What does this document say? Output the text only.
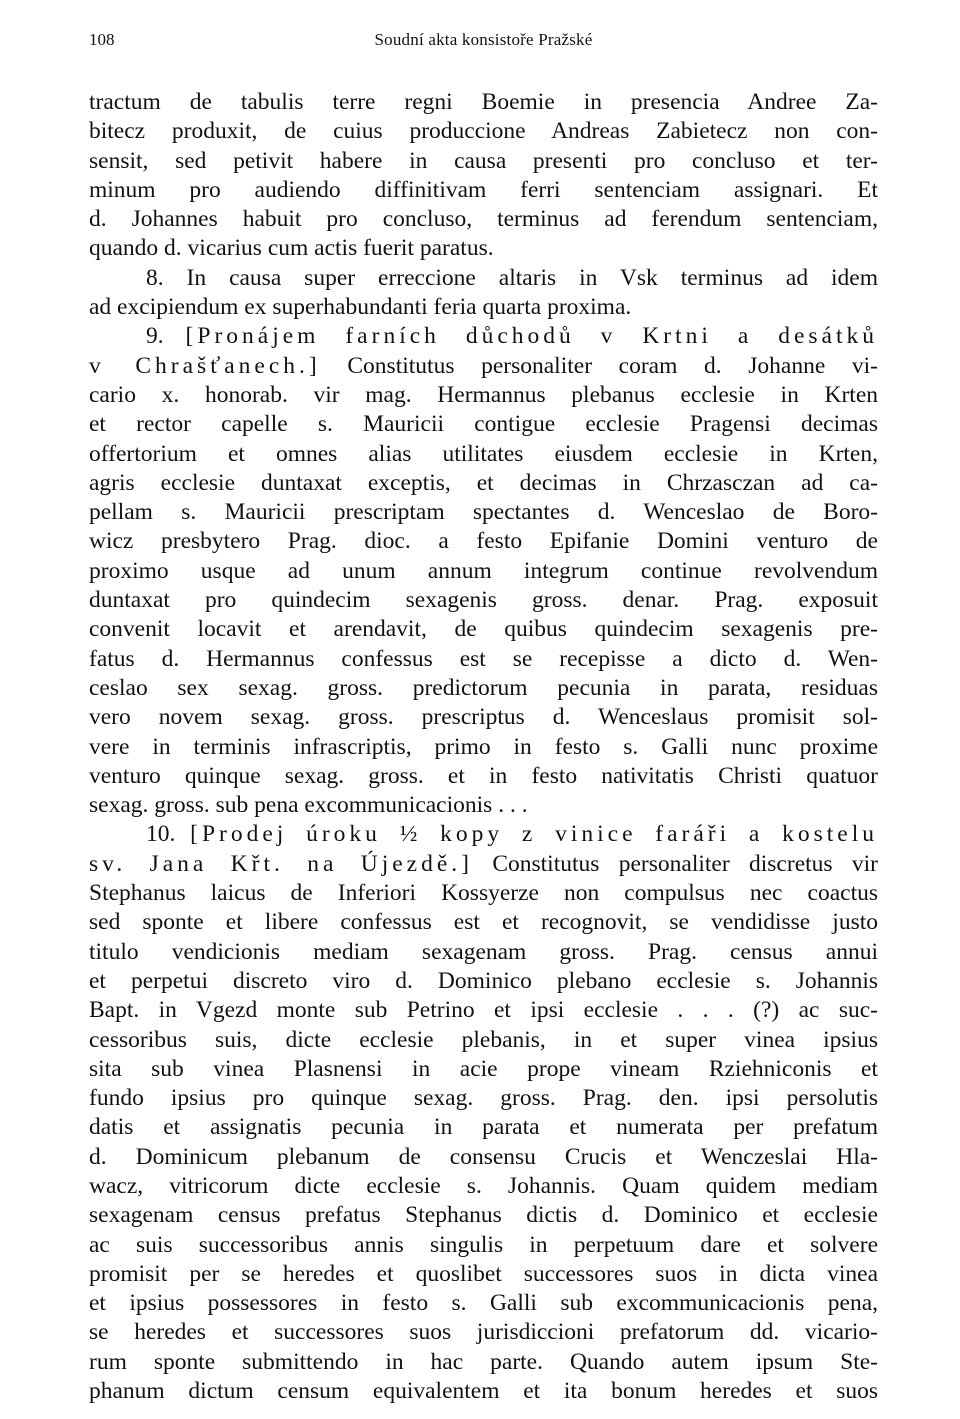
108	Soudní akta konsistoře Pražské
tractum de tabulis terre regni Boemie in presencia Andree Za-
bitecz produxit, de cuius produccione Andreas Zabietecz non con-
sensit, sed petivit habere in causa presenti pro concluso et ter-
minum pro audiendo diffinitivam ferri sentenciam assignari. Et
d. Johannes habuit pro concluso, terminus ad ferendum sentenciam,
quando d. vicarius cum actis fuerit paratus.
8. In causa super erreccione altaris in Vsk terminus ad idem
ad excipiendum ex superhabundanti feria quarta proxima.
9. [Pronájem farních důchodů v Krtni a desátků
v Chrašťanech.] Constitutus personaliter coram d. Johanne vi-
cario x. honorab. vir mag. Hermannus plebanus ecclesie in Krten
et rector capelle s. Mauricii contigue ecclesie Pragensi decimas
offertorium et omnes alias utilitates eiusdem ecclesie in Krten,
agris ecclesie duntaxat exceptis, et decimas in Chrzasczan ad ca-
pellam s. Mauricii prescriptam spectantes d. Wenceslao de Boro-
wicz presbytero Prag. dioc. a festo Epifanie Domini venturo de
proximo usque ad unum annum integrum continue revolvendum
duntaxat pro quindecim sexagenis gross. denar. Prag. exposuit
convenit locavit et arendavit, de quibus quindecim sexagenis pre-
fatus d. Hermannus confessus est se recepisse a dicto d. Wen-
ceslao sex sexag. gross. predictorum pecunia in parata, residuas
vero novem sexag. gross. prescriptus d. Wenceslaus promisit sol-
vere in terminis infrascriptis, primo in festo s. Galli nunc proxime
venturo quinque sexag. gross. et in festo nativitatis Christi quatuor
sexag. gross. sub pena excommunicacionis . . .
10. [Prodej úroku ½ kopy z vinice faráři a kostelu
sv. Jana Křt. na Újezdě.] Constitutus personaliter discretus vir
Stephanus laicus de Inferiori Kossyerze non compulsus nec coactus
sed sponte et libere confessus est et recognovit, se vendidisse justo
titulo vendicionis mediam sexagenam gross. Prag. census annui
et perpetui discreto viro d. Dominico plebano ecclesie s. Johannis
Bapt. in Vgezd monte sub Petrino et ipsi ecclesie . . . (?) ac suc-
cessoribus suis, dicte ecclesie plebanis, in et super vinea ipsius
sita sub vinea Plasnensi in acie prope vineam Rziehniconis et
fundo ipsius pro quinque sexag. gross. Prag. den. ipsi persolutis
datis et assignatis pecunia in parata et numerata per prefatum
d. Dominicum plebanum de consensu Crucis et Wenczeslai Hla-
wacz, vitricorum dicte ecclesie s. Johannis. Quam quidem mediam
sexagenam census prefatus Stephanus dictis d. Dominico et ecclesie
ac suis successoribus annis singulis in perpetuum dare et solvere
promisit per se heredes et quoslibet successores suos in dicta vinea
et ipsius possessores in festo s. Galli sub excommunicacionis pena,
se heredes et successores suos jurisdiccioni prefatorum dd. vicario-
rum sponte submittendo in hac parte. Quando autem ipsum Ste-
phanum dictum censum equivalentem et ita bonum heredes et suos
